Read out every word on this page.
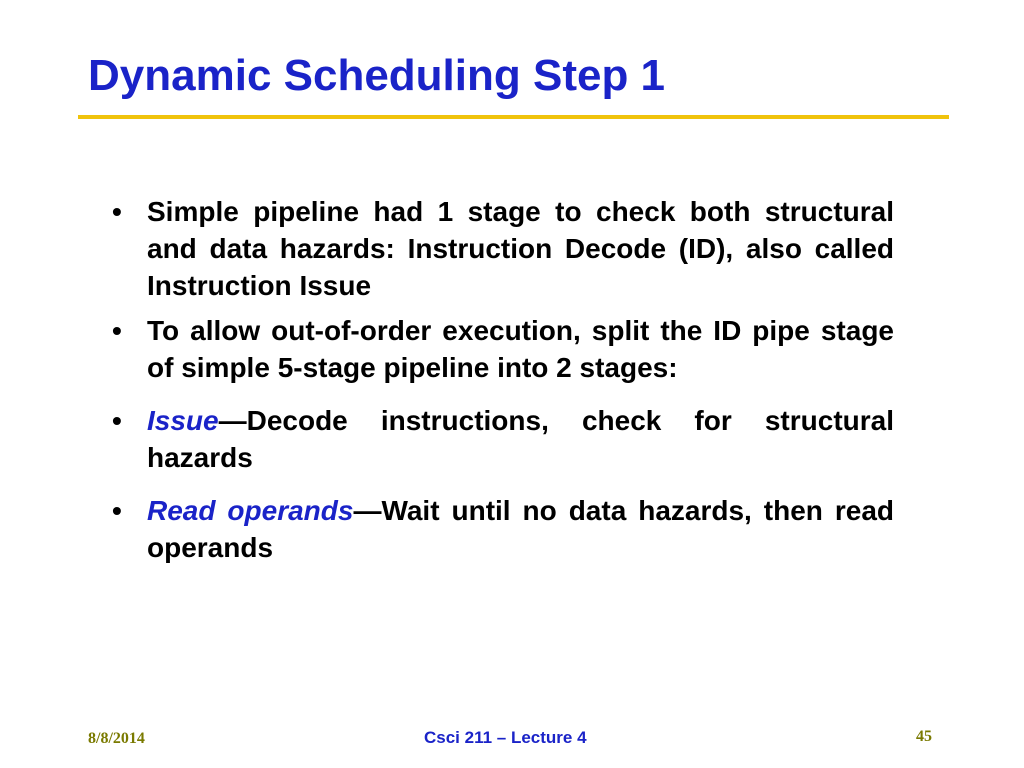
Dynamic Scheduling Step 1
• Simple pipeline had 1 stage to check both structural and data hazards: Instruction Decode (ID), also called Instruction Issue
• To allow out-of-order execution, split the ID pipe stage of simple 5-stage pipeline into 2 stages:
• Issue—Decode instructions, check for structural hazards
• Read operands—Wait until no data hazards, then read operands
8/8/2014	Csci 211 – Lecture 4	45
